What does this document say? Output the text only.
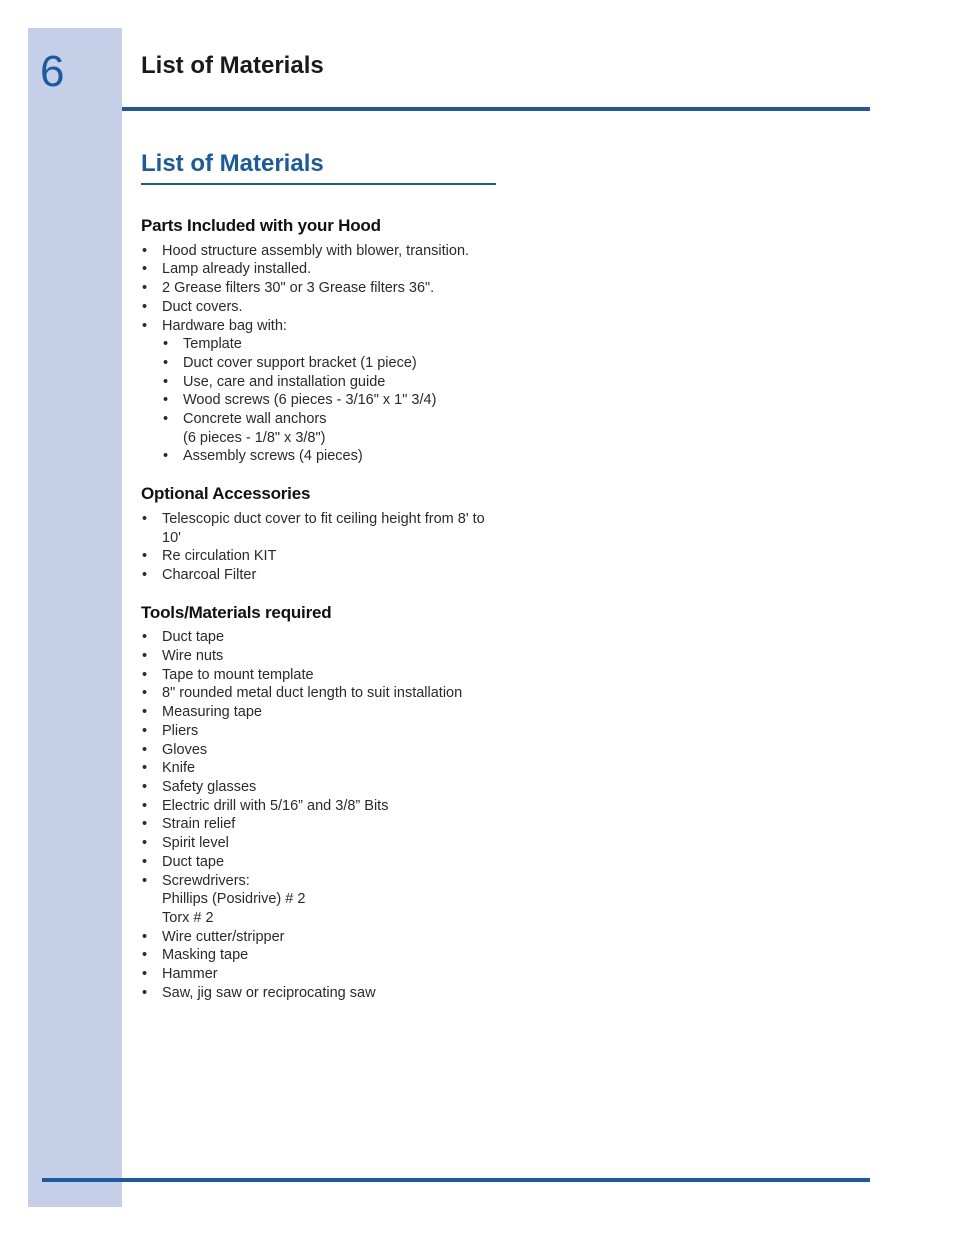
6	List of Materials
List of Materials
Parts Included with your Hood
• Hood structure assembly with blower, transition.
• Lamp already installed.
• 2 Grease filters 30" or 3 Grease filters 36".
• Duct covers.
• Hardware bag with:
• Template
• Duct cover support bracket (1 piece)
• Use, care and installation guide
• Wood screws (6 pieces - 3/16" x 1" 3/4)
• Concrete wall anchors
(6 pieces - 1/8" x 3/8")
• Assembly screws (4 pieces)
Optional Accessories
• Telescopic duct cover to fit ceiling height from 8' to 10'
• Re circulation KIT
• Charcoal Filter
Tools/Materials required
• Duct tape
• Wire nuts
• Tape to mount template
• 8" rounded metal duct length to suit installation
• Measuring tape
• Pliers
• Gloves
• Knife
• Safety glasses
• Electric drill with 5/16” and 3/8” Bits
• Strain relief
• Spirit level
• Duct tape
• Screwdrivers:
Phillips (Posidrive) # 2
Torx # 2
• Wire cutter/stripper
• Masking tape
• Hammer
• Saw, jig saw or reciprocating saw
